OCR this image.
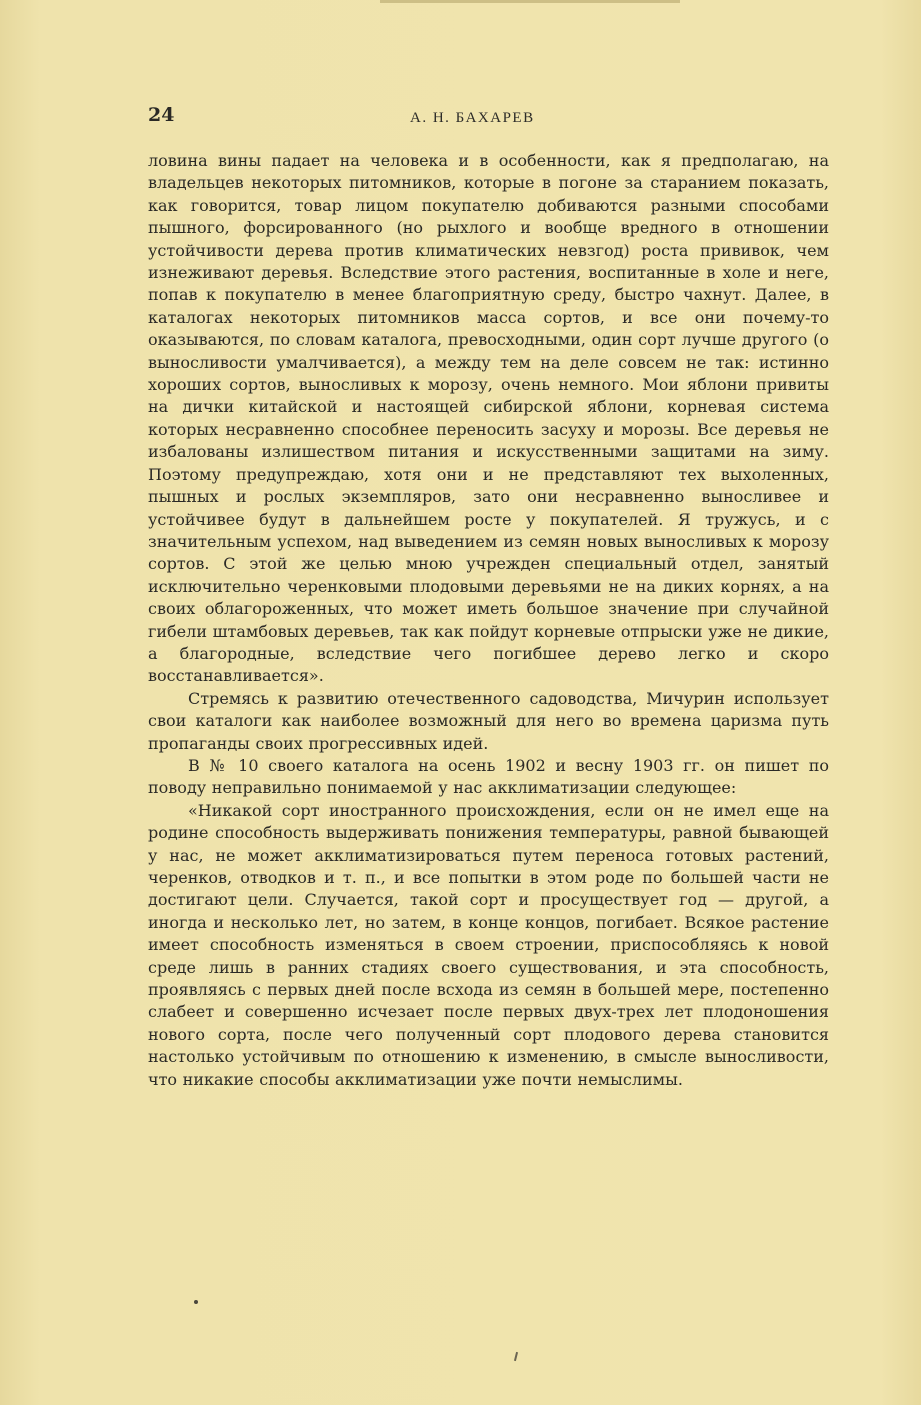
24	А. Н. БАХАРЕВ

ловина вины падает на человека и в особенности, как я предполагаю, на владельцев некоторых питомников, которые в погоне за старанием показать, как говорится, товар лицом покупателю добиваются разными способами пышного, форсированного (но рыхлого и вообще вредного в отношении устойчивости дерева против климатических невзгод) роста прививок, чем изнеживают деревья. Вследствие этого растения, воспитанные в холе и неге, попав к покупателю в менее благоприятную среду, быстро чахнут. Далее, в каталогах некоторых питомников масса сортов, и все они почему-то оказываются, по словам каталога, превосходными, один сорт лучше другого (о выносливости умалчивается), а между тем на деле совсем не так: истинно хороших сортов, выносливых к морозу, очень немного. Мои яблони привиты на дички китайской и настоящей сибирской яблони, корневая система которых несравненно способнее переносить засуху и морозы. Все деревья не избалованы излишеством питания и искусственными защитами на зиму. Поэтому предупреждаю, хотя они и не представляют тех выхоленных, пышных и рослых экземпляров, зато они несравненно выносливее и устойчивее будут в дальнейшем росте у покупателей. Я тружусь, и с значительным успехом, над выведением из семян новых выносливых к морозу сортов. С этой же целью мною учрежден специальный отдел, занятый исключительно черенковыми плодовыми деревьями не на диких корнях, а на своих облагороженных, что может иметь большое значение при случайной гибели штамбовых деревьев, так как пойдут корневые отпрыски уже не дикие, а благородные, вследствие чего погибшее дерево легко и скоро восстанавливается».

Стремясь к развитию отечественного садоводства, Мичурин использует свои каталоги как наиболее возможный для него во времена царизма путь пропаганды своих прогрессивных идей.

В № 10 своего каталога на осень 1902 и весну 1903 гг. он пишет по поводу неправильно понимаемой у нас акклиматизации следующее:

«Никакой сорт иностранного происхождения, если он не имел еще на родине способность выдерживать понижения температуры, равной бывающей у нас, не может акклиматизироваться путем переноса готовых растений, черенков, отводков и т. п., и все попытки в этом роде по большей части не достигают цели. Случается, такой сорт и просуществует год — другой, а иногда и несколько лет, но затем, в конце концов, погибает. Всякое растение имеет способность изменяться в своем строении, приспособляясь к новой среде лишь в ранних стадиях своего существования, и эта способность, проявляясь с первых дней после всхода из семян в большей мере, постепенно слабеет и совершенно исчезает после первых двух-трех лет плодоношения нового сорта, после чего полученный сорт плодового дерева становится настолько устойчивым по отношению к изменению, в смысле выносливости, что никакие способы акклиматизации уже почти немыслимы.
